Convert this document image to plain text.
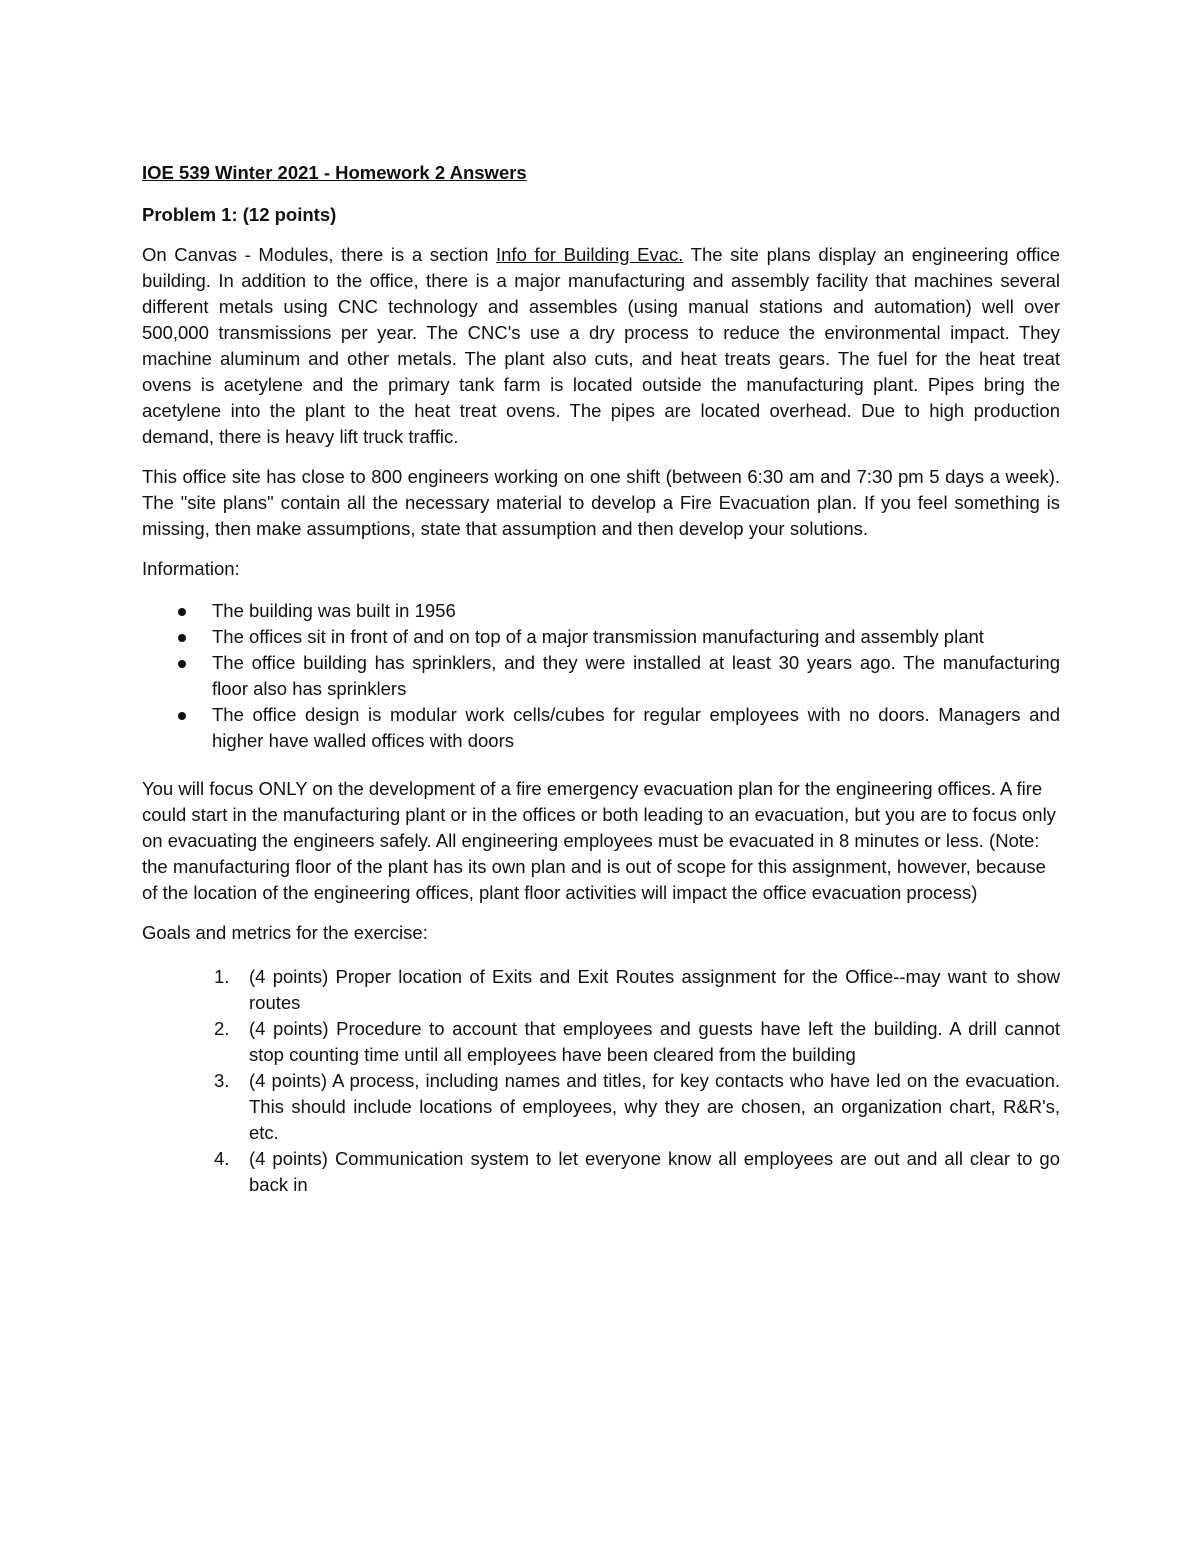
IOE 539 Winter 2021 - Homework 2 Answers
Problem 1: (12 points)

On Canvas - Modules, there is a section Info for Building Evac. The site plans display an engineering office building. In addition to the office, there is a major manufacturing and assembly facility that machines several different metals using CNC technology and assembles (using manual stations and automation) well over 500,000 transmissions per year. The CNC's use a dry process to reduce the environmental impact. They machine aluminum and other metals. The plant also cuts, and heat treats gears. The fuel for the heat treat ovens is acetylene and the primary tank farm is located outside the manufacturing plant. Pipes bring the acetylene into the plant to the heat treat ovens. The pipes are located overhead. Due to high production demand, there is heavy lift truck traffic.

This office site has close to 800 engineers working on one shift (between 6:30 am and 7:30 pm 5 days a week). The "site plans" contain all the necessary material to develop a Fire Evacuation plan. If you feel something is missing, then make assumptions, state that assumption and then develop your solutions.

Information:
The building was built in 1956
The offices sit in front of and on top of a major transmission manufacturing and assembly plant
The office building has sprinklers, and they were installed at least 30 years ago. The manufacturing floor also has sprinklers
The office design is modular work cells/cubes for regular employees with no doors. Managers and higher have walled offices with doors

You will focus ONLY on the development of a fire emergency evacuation plan for the engineering offices. A fire could start in the manufacturing plant or in the offices or both leading to an evacuation, but you are to focus only on evacuating the engineers safely. All engineering employees must be evacuated in 8 minutes or less. (Note: the manufacturing floor of the plant has its own plan and is out of scope for this assignment, however, because of the location of the engineering offices, plant floor activities will impact the office evacuation process)

Goals and metrics for the exercise:
1. (4 points) Proper location of Exits and Exit Routes assignment for the Office--may want to show routes
2. (4 points) Procedure to account that employees and guests have left the building. A drill cannot stop counting time until all employees have been cleared from the building
3. (4 points) A process, including names and titles, for key contacts who have led on the evacuation. This should include locations of employees, why they are chosen, an organization chart, R&R's, etc.
4. (4 points) Communication system to let everyone know all employees are out and all clear to go back in
